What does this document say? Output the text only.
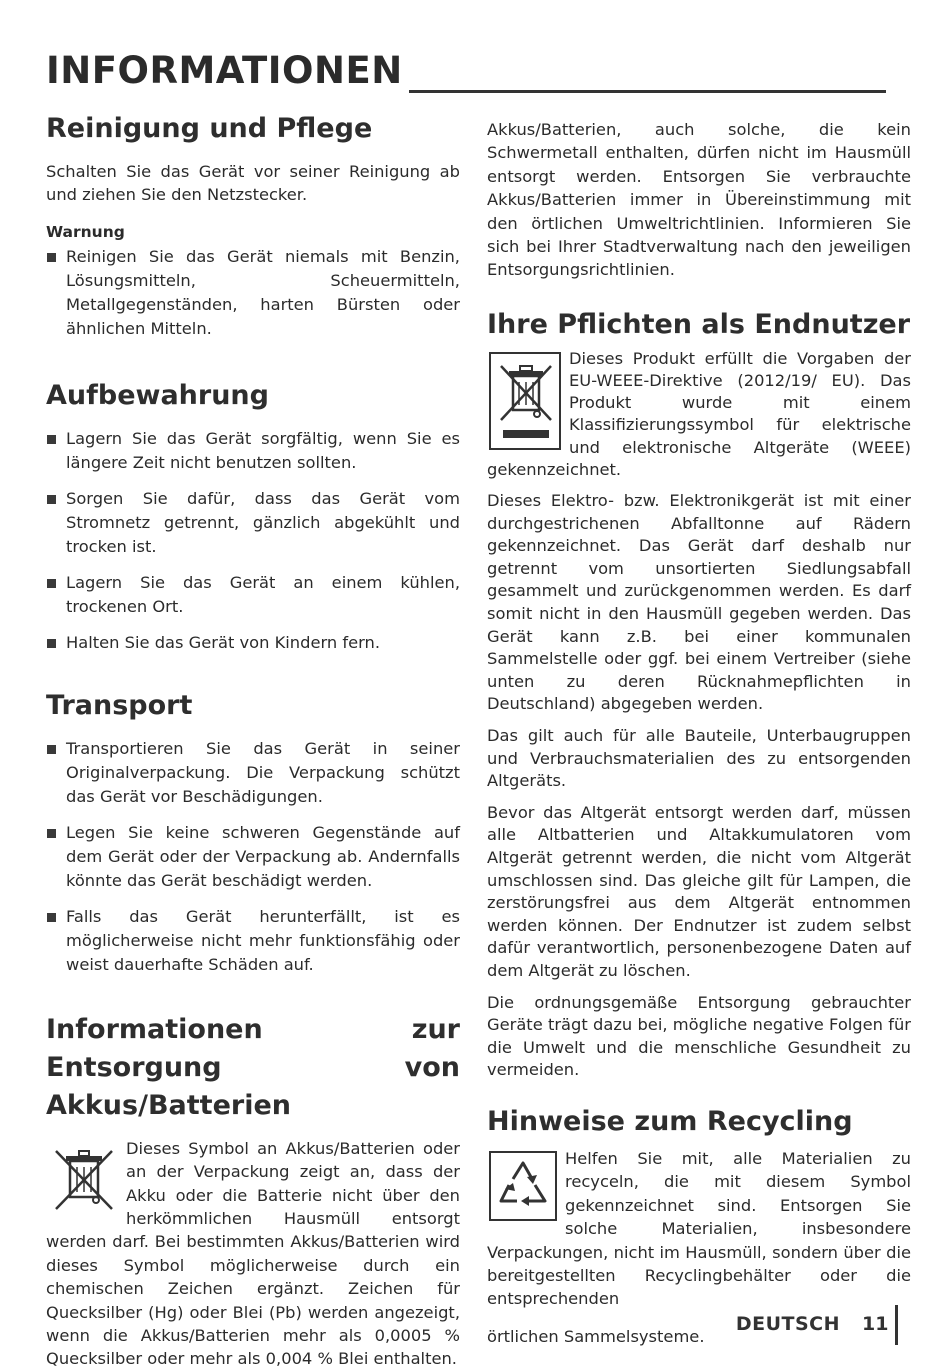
INFORMATIONEN
Reinigung und Pflege

Schalten Sie das Gerät vor seiner Reinigung ab und ziehen Sie den Netzstecker.

Warnung
Reinigen Sie das Gerät niemals mit Benzin, Lösungsmitteln, Scheuermitteln, Metallgegenständen, harten Bürsten oder ähnlichen Mitteln.
Aufbewahrung
Lagern Sie das Gerät sorgfältig, wenn Sie es längere Zeit nicht benutzen sollten.
Sorgen Sie dafür, dass das Gerät vom Stromnetz getrennt, gänzlich abgekühlt und trocken ist.
Lagern Sie das Gerät an einem kühlen, trockenen Ort.
Halten Sie das Gerät von Kindern fern.
Transport
Transportieren Sie das Gerät in seiner Originalverpackung. Die Verpackung schützt das Gerät vor Beschädigungen.
Legen Sie keine schweren Gegenstände auf dem Gerät oder der Verpackung ab. Andernfalls könnte das Gerät beschädigt werden.
Falls das Gerät herunterfällt, ist es möglicherweise nicht mehr funktionsfähig oder weist dauerhafte Schäden auf.
Informationen zur Entsorgung von Akkus/Batterien

Dieses Symbol an Akkus/Batterien oder an der Verpackung zeigt an, dass der Akku oder die Batterie nicht über den herkömmlichen Hausmüll entsorgt werden darf. Bei bestimmten Akkus/Batterien wird dieses Symbol möglicherweise durch ein chemischen Zeichen ergänzt. Zeichen für Quecksilber (Hg) oder Blei (Pb) werden angezeigt, wenn die Akkus/Batterien mehr als 0,0005 % Quecksilber oder mehr als 0,004 % Blei enthalten.

Akkus/Batterien, auch solche, die kein Schwermetall enthalten, dürfen nicht im Hausmüll entsorgt werden. Entsorgen Sie verbrauchte Akkus/Batterien immer in Übereinstimmung mit den örtlichen Umweltrichtlinien. Informieren Sie sich bei Ihrer Stadtverwaltung nach den jeweiligen Entsorgungsrichtlinien.

Ihre Pflichten als Endnutzer

Dieses Produkt erfüllt die Vorgaben der EU-WEEE-Direktive (2012/19/ EU). Das Produkt wurde mit einem Klassifizierungssymbol für elektrische und elektronische Altgeräte (WEEE) gekennzeichnet.

Dieses Elektro- bzw. Elektronikgerät ist mit einer durchgestrichenen Abfalltonne auf Rädern gekennzeichnet. Das Gerät darf deshalb nur getrennt vom unsortierten Siedlungsabfall gesammelt und zurückgenommen werden. Es darf somit nicht in den Hausmüll gegeben werden. Das Gerät kann z.B. bei einer kommunalen Sammelstelle oder ggf. bei einem Vertreiber (siehe unten zu deren Rücknahmepflichten in Deutschland) abgegeben werden.

Das gilt auch für alle Bauteile, Unterbaugruppen und Verbrauchsmaterialien des zu entsorgenden Altgeräts.

Bevor das Altgerät entsorgt werden darf, müssen alle Altbatterien und Altakkumulatoren vom Altgerät getrennt werden, die nicht vom Altgerät umschlossen sind. Das gleiche gilt für Lampen, die zerstörungsfrei aus dem Altgerät entnommen werden können. Der Endnutzer ist zudem selbst dafür verantwortlich, personenbezogene Daten auf dem Altgerät zu löschen.

Die ordnungsgemäße Entsorgung gebrauchter Geräte trägt dazu bei, mögliche negative Folgen für die Umwelt und die menschliche Gesundheit zu vermeiden.

Hinweise zum Recycling

Helfen Sie mit, alle Materialien zu recyceln, die mit diesem Symbol gekennzeichnet sind. Entsorgen Sie solche Materialien, insbesondere Verpackungen, nicht im Hausmüll, sondern über die bereitgestellten Recyclingbehälter oder die entsprechenden

örtlichen Sammelsysteme.

DEUTSCH 11
